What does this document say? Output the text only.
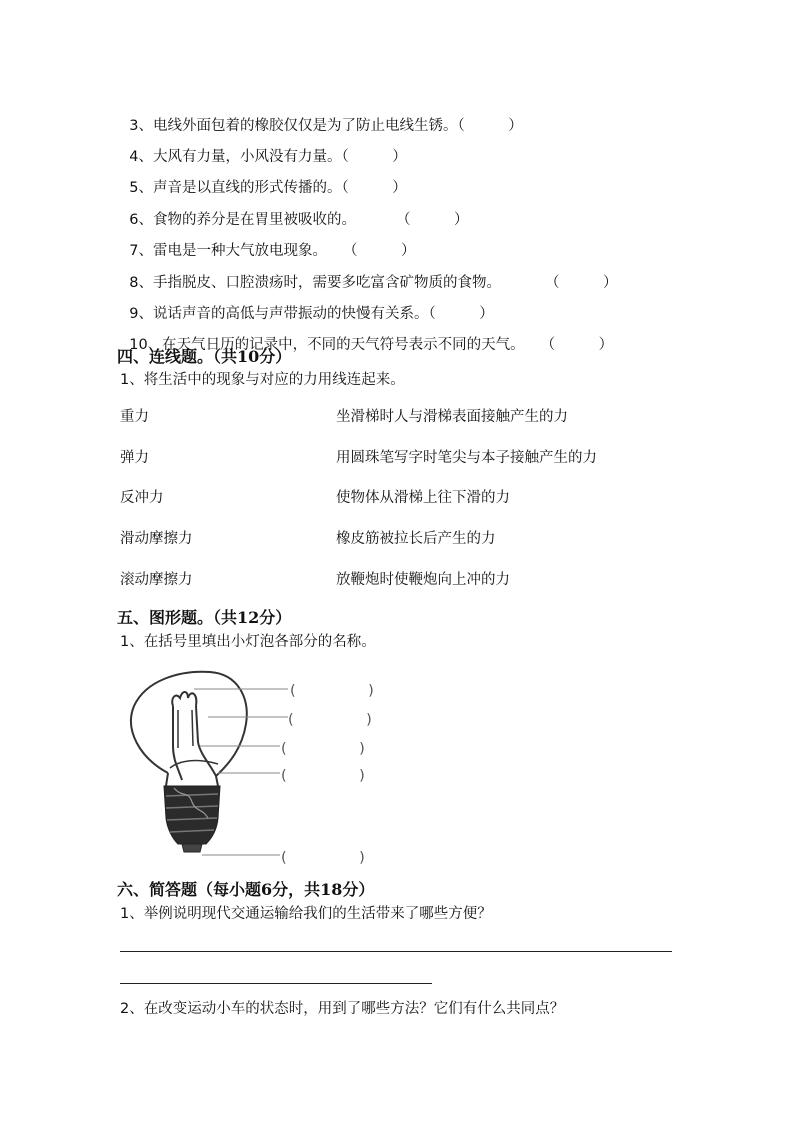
3、电线外面包着的橡胶仅仅是为了防止电线生锈。（　　　）

4、大风有力量，小风没有力量。（　　　）

5、声音是以直线的形式传播的。（　　　）

6、食物的养分是在胃里被吸收的。	（　　　）

7、雷电是一种大气放电现象。 （　　　）

8、手指脱皮、口腔溃疡时，需要多吃富含矿物质的食物。	（　　　）

9、说话声音的高低与声带振动的快慢有关系。（　　　）

10、在天气日历的记录中，不同的天气符号表示不同的天气。 （　　　）

四、连线题。（共10分）
1、将生活中的现象与对应的力用线连起来。
重力
弹力
反冲力
滑动摩擦力
滚动摩擦力
坐滑梯时人与滑梯表面接触产生的力
用圆珠笔写字时笔尖与本子接触产生的力
使物体从滑梯上往下滑的力
橡皮筋被拉长后产生的力
放鞭炮时使鞭炮向上冲的力
五、图形题。（共12分）
1、在括号里填出小灯泡各部分的名称。
(　　　　　)
(　　　　　)
(　　　　　)
(　　　　　)
(　　　　　)
六、简答题（每小题6分，共18分）
1、举例说明现代交通运输给我们的生活带来了哪些方便？
2、在改变运动小车的状态时，用到了哪些方法？它们有什么共同点？
